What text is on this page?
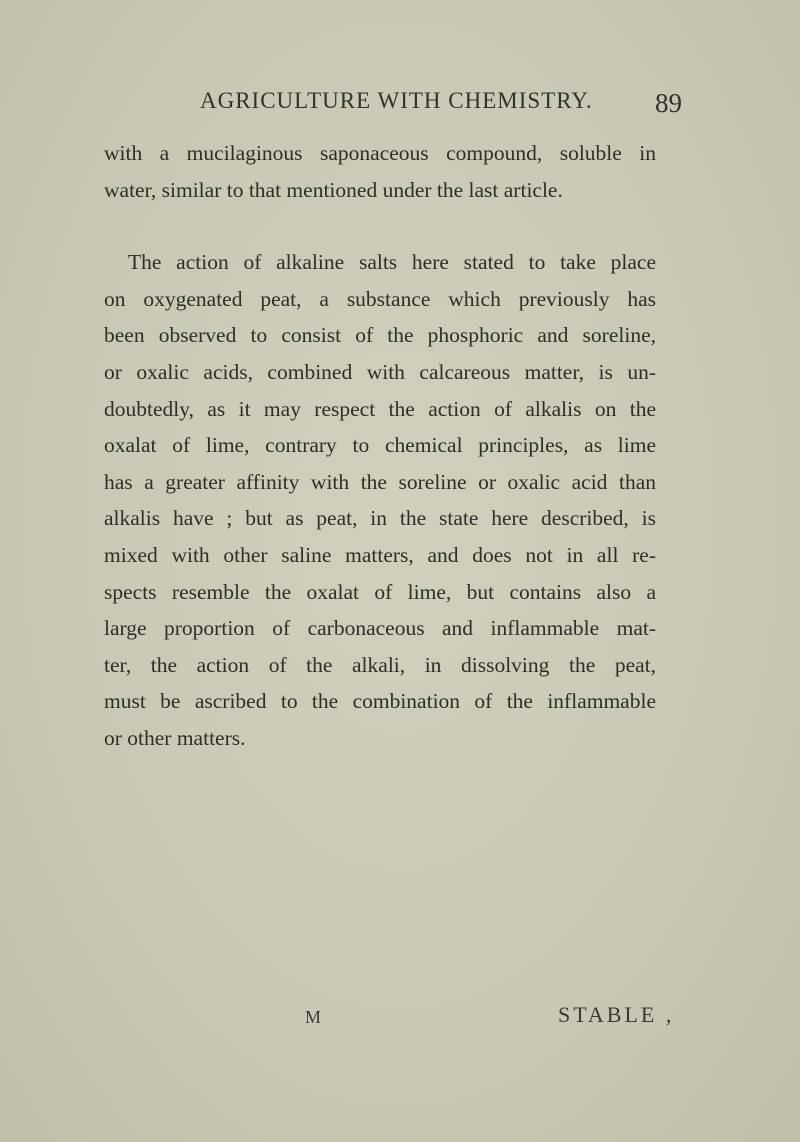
AGRICULTURE WITH CHEMISTRY.	89
with a mucilaginous saponaceous compound, soluble in
water, similar to that mentioned under the last article.
The action of alkaline salts here stated to take place
on oxygenated peat, a substance which previously has
been observed to consist of the phosphoric and soreline,
or oxalic acids, combined with calcareous matter, is un-
doubtedly, as it may respect the action of alkalis on the
oxalat of lime, contrary to chemical principles, as lime
has a greater affinity with the soreline or oxalic acid than
alkalis have ; but as peat, in the state here described, is
mixed with other saline matters, and does not in all re-
spects resemble the oxalat of lime, but contains also a
large proportion of carbonaceous and inflammable mat-
ter, the action of the alkali, in dissolving the peat,
must be ascribed to the combination of the inflammable
or other matters.
M	STABLE ,
